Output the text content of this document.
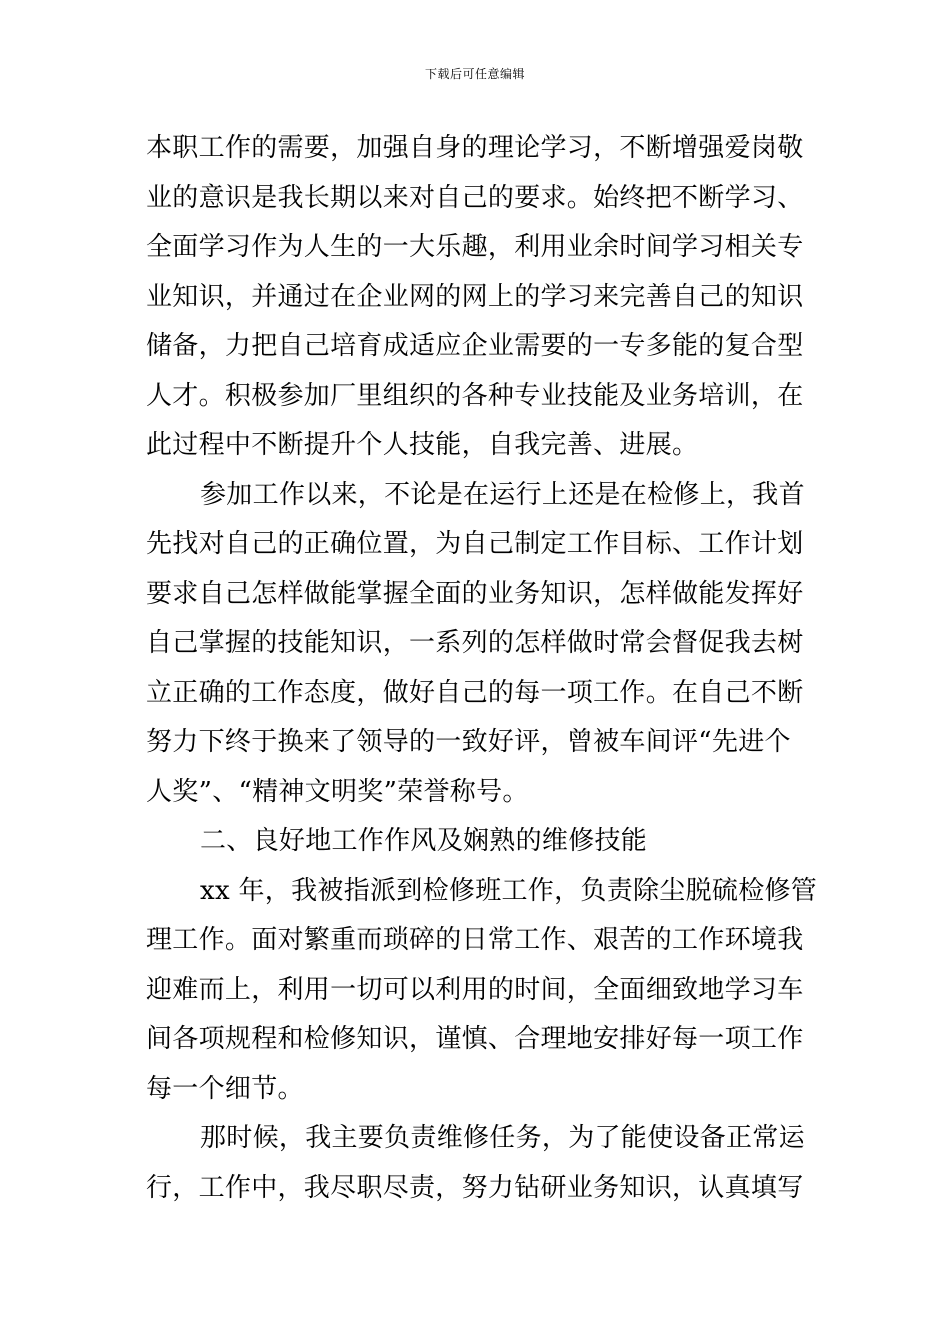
下载后可任意编辑
本职工作的需要，加强自身的理论学习，不断增强爱岗敬
业的意识是我长期以来对自己的要求。始终把不断学习、
全面学习作为人生的一大乐趣，利用业余时间学习相关专
业知识，并通过在企业网的网上的学习来完善自己的知识
储备，力把自己培育成适应企业需要的一专多能的复合型
人才。积极参加厂里组织的各种专业技能及业务培训，在
此过程中不断提升个人技能，自我完善、进展。
参加工作以来，不论是在运行上还是在检修上，我首
先找对自己的正确位置，为自己制定工作目标、工作计划
要求自己怎样做能掌握全面的业务知识，怎样做能发挥好
自己掌握的技能知识，一系列的怎样做时常会督促我去树
立正确的工作态度，做好自己的每一项工作。在自己不断
努力下终于换来了领导的一致好评，曾被车间评“先进个
人奖”、“精神文明奖”荣誉称号。
二、良好地工作作风及娴熟的维修技能
xx 年，我被指派到检修班工作，负责除尘脱硫检修管
理工作。面对繁重而琐碎的日常工作、艰苦的工作环境我
迎难而上，利用一切可以利用的时间，全面细致地学习车
间各项规程和检修知识，谨慎、合理地安排好每一项工作
每一个细节。
那时候，我主要负责维修任务，为了能使设备正常运
行，工作中，我尽职尽责，努力钻研业务知识，认真填写
